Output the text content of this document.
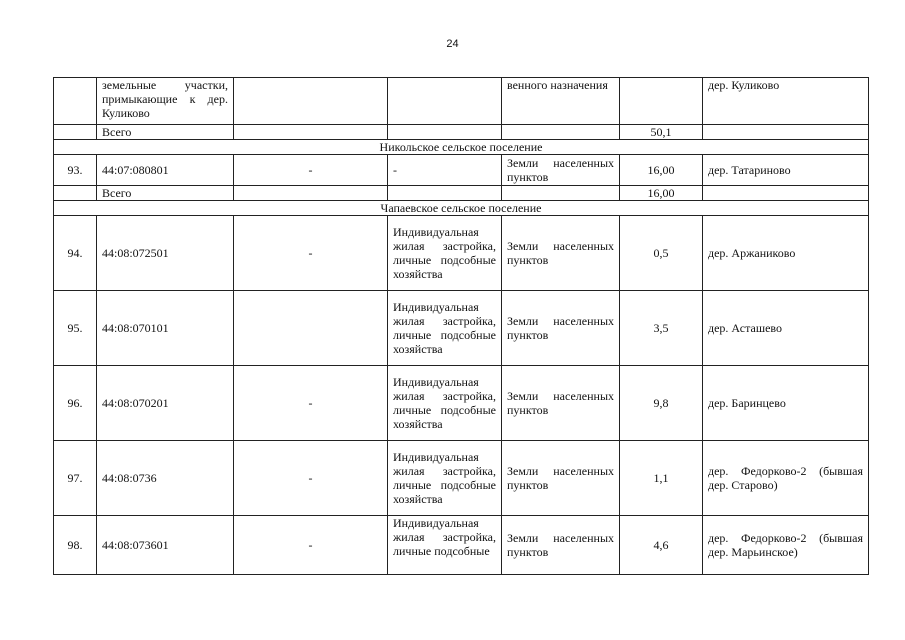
24
	земельные участки, примыкающие к дер. Куликово			венного назначения		дер. Куликово
	Всего				50,1	
Никольское сельское поселение						
93.	44:07:080801	-	-	Земли населенных пунктов	16,00	дер. Татариново
	Всего				16,00	
Чапаевское сельское поселение						
94.	44:08:072501	-	Индивидуальная жилая застройка, личные подсобные хозяйства	Земли населенных пунктов	0,5	дер. Аржаниково
95.	44:08:070101		Индивидуальная жилая застройка, личные подсобные хозяйства	Земли населенных пунктов	3,5	дер. Асташево
96.	44:08:070201	-	Индивидуальная жилая застройка, личные подсобные хозяйства	Земли населенных пунктов	9,8	дер. Баринцево
97.	44:08:0736	-	Индивидуальная жилая застройка, личные подсобные хозяйства	Земли населенных пунктов	1,1	дер. Федорково-2 (бывшая дер. Старово)
98.	44:08:073601	-	Индивидуальная жилая застройка, личные подсобные	Земли населенных пунктов	4,6	дер. Федорково-2 (бывшая дер. Марьинское)
